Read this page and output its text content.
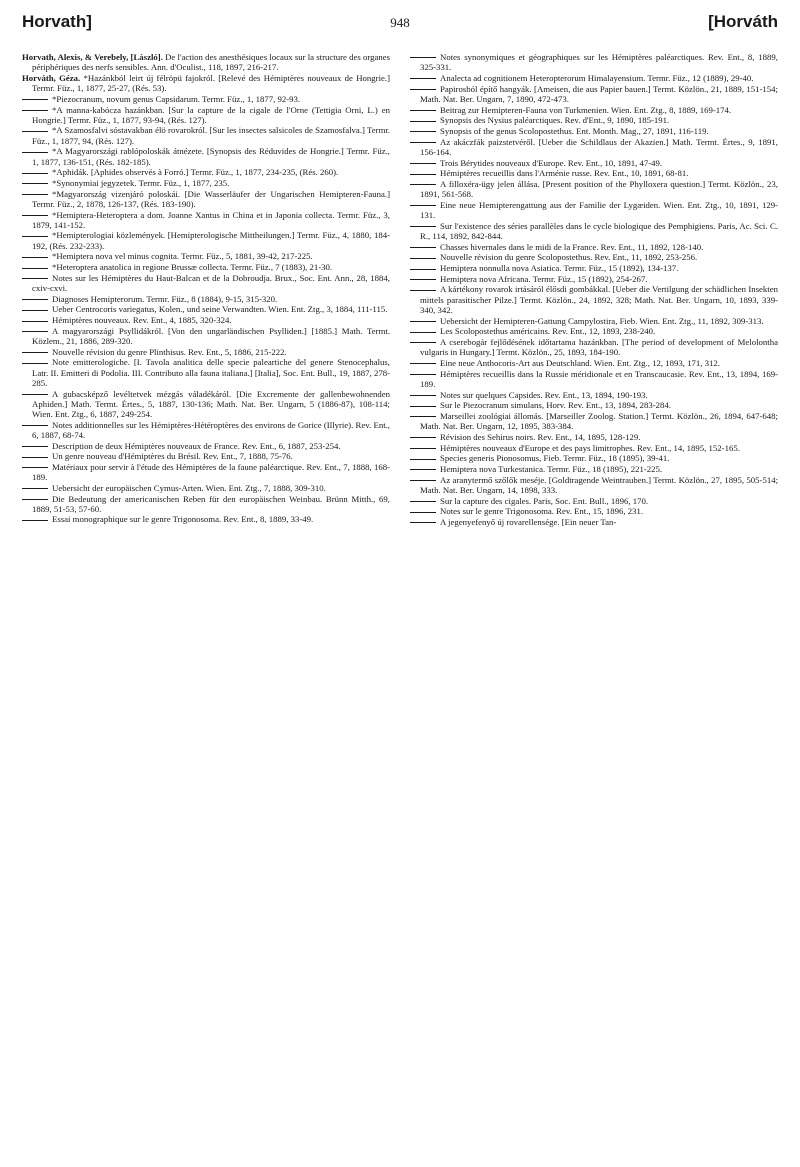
Horvath]	948	[Horváth

Horvath, Alexis, & Verebely, [László]. De l'action des anesthésiques locaux sur la structure des organes périphériques des nerfs sensibles. Ann. d'Oculist., 118, 1897, 216-217.

Horváth, Géza. *Hazánkból leirt új félröpü fajokról. [Relevé des Hémiptères nouveaux de Hongrie.] Termr. Füz., 1, 1877, 25-27, (Rés. 53).

*Piezocranum, novum genus Capsidarum. Termr. Füz., 1, 1877, 92-93.

*A manna-kabócza hazánkban. [Sur la capture de la cigale de l'Orne (Tettigia Orni, L.) en Hongrie.] Termr. Füz., 1, 1877, 93-94, (Rés. 127).

*A Szamosfalvi sóstavakban élö rovarokról. [Sur les insectes salsicoles de Szamosfalva.] Termr. Füz., 1, 1877, 94, (Rés. 127).

*A Magyarországi rablópoloskák átnézete. [Synopsis des Réduvides de Hongrie.] Termr. Füz., 1, 1877, 136-151, (Rés. 182-185).

*Aphidák. [Aphides observés à Forró.] Termr. Füz., 1, 1877, 234-235, (Rés. 260).

*Synonymiai jegyzetek. Termr. Füz., 1, 1877, 235.

*Magyarország vizenjáró poloskái. [Die Wasserläufer der Ungarischen Hemipteren-Fauna.] Termr. Füz., 2, 1878, 126-137, (Rés. 183-190).

*Hemiptera-Heteroptera a dom. Joanne Xantus in China et in Japonia collecta. Termr. Füz., 3, 1879, 141-152.

*Hemipterologiai közlemények. [Hemipterologische Mittheilungen.] Termr. Füz., 4, 1880, 184-192, (Rés. 232-233).

*Hemiptera nova vel minus cognita. Termr. Füz., 5, 1881, 39-42, 217-225.

*Heteroptera anatolica in regione Brussæ collecta. Termr. Füz., 7 (1883), 21-30.

Notes sur les Hémiptères du Haut-Balcan et de la Dobroudja. Brux., Soc. Ent. Ann., 28, 1884, cxiv-cxvi.

Diagnoses Hemipterorum. Termr. Füz., 8 (1884), 9-15, 315-320.

Ueber Centrocoris variegatus, Kolen., und seine Verwandten. Wien. Ent. Ztg., 3, 1884, 111-115.

Hémiptères nouveaux. Rev. Ent., 4, 1885, 320-324.

A magyarországi Psyllidákról. [Von den ungarländischen Psylliden.] [1885.] Math. Termt. Közlem., 21, 1886, 289-320.

Nouvelle révision du genre Plinthisus. Rev. Ent., 5, 1886, 215-222.

Note emitterologiche. [I. Tavola analitica delle specie paleartiche del genere Stenocephalus, Latr. II. Emitteri di Podolia. III. Contributo alla fauna italiana.] [Italia], Soc. Ent. Bull., 19, 1887, 278-285.

A gubacsképző levéltetvek mézgás váladékáról. [Die Excremente der gallenbewohnenden Aphiden.] Math. Termt. Értes., 5, 1887, 130-136; Math. Nat. Ber. Ungarn, 5 (1886-87), 108-114; Wien. Ent. Ztg., 6, 1887, 249-254.

Notes additionnelles sur les Hémiptères-Hétéroptères des environs de Gorice (Illyrie). Rev. Ent., 6, 1887, 68-74.

Description de deux Hémiptères nouveaux de France. Rev. Ent., 6, 1887, 253-254.

Un genre nouveau d'Hémiptères du Brésil. Rev. Ent., 7, 1888, 75-76.

Matériaux pour servir à l'étude des Hémiptères de la faune paléarctique. Rev. Ent., 7, 1888, 168-189.

Uebersicht der europäischen Cymus-Arten. Wien. Ent. Ztg., 7, 1888, 309-310.

Die Bedeutung der americanischen Reben für den europäischen Weinbau. Brünn Mitth., 69, 1889, 51-53, 57-60.

Essai monographique sur le genre Trigonosoma. Rev. Ent., 8, 1889, 33-49.

Notes synonymiques et géographiques sur les Hémiptères paléarctiques. Rev. Ent., 8, 1889, 325-331.

Analecta ad cognitionem Heteropterorum Himalayensium. Termr. Füz., 12 (1889), 29-40.

Papirosból építő hangyák. [Ameisen, die aus Papier bauen.] Termt. Közlön., 21, 1889, 151-154; Math. Nat. Ber. Ungarn, 7, 1890, 472-473.

Beitrag zur Hemipteren-Fauna von Turkmenien. Wien. Ent. Ztg., 8, 1889, 169-174.

Synopsis des Nysius paléarctiques. Rev. d'Ent., 9, 1890, 185-191.

Synopsis of the genus Scolopostethus. Ent. Month. Mag., 27, 1891, 116-119.

Az akáczfák paizstetvéről. [Ueber die Schildlaus der Akazien.] Math. Termt. Értes., 9, 1891, 156-164.

Trois Bérytides nouveaux d'Europe. Rev. Ent., 10, 1891, 47-49.

Hémiptères recueillis dans l'Arménie russe. Rev. Ent., 10, 1891, 68-81.

A filloxéra-ügy jelen állása. [Present position of the Phylloxera question.] Termt. Közlön., 23, 1891, 561-568.

Eine neue Hemipterengattung aus der Familie der Lygæiden. Wien. Ent. Ztg., 10, 1891, 129-131.

Sur l'existence des séries parallèles dans le cycle biologique des Pemphigiens. Paris, Ac. Sci. C. R., 114, 1892, 842-844.

Chasses hivernales dans le midi de la France. Rev. Ent., 11, 1892, 128-140.

Nouvelle révision du genre Scolopostethus. Rev. Ent., 11, 1892, 253-256.

Hemiptera nonnulla nova Asiatica. Termr. Füz., 15 (1892), 134-137.

Hemiptera nova Africana. Termr. Füz., 15 (1892), 254-267.

A kártékony rovarok irtásáról élősdi gombákkal. [Ueber die Vertilgung der schädlichen Insekten mittels parasitischer Pilze.] Termt. Közlön., 24, 1892, 328; Math. Nat. Ber. Ungarn, 10, 1893, 339-340, 342.

Uebersicht der Hemipteren-Gattung Campylostira, Fieb. Wien. Ent. Ztg., 11, 1892, 309-313.

Les Scolopostethus américains. Rev. Ent., 12, 1893, 238-240.

A cserebogár fejlődésének időtartama hazánkban. [The period of development of Melolontha vulgaris in Hungary.] Termt. Közlön., 25, 1893, 184-190.

Eine neue Anthocoris-Art aus Deutschland. Wien. Ent. Ztg., 12, 1893, 171, 312.

Hémiptères recueillis dans la Russie méridionale et en Transcaucasie. Rev. Ent., 13, 1894, 169-189.

Notes sur quelques Capsides. Rev. Ent., 13, 1894, 190-193.

Sur le Piezocranum simulans, Horv. Rev. Ent., 13, 1894, 283-284.

Marseillei zoológiai állomás. [Marseiller Zoolog. Station.] Termt. Közlön., 26, 1894, 647-648; Math. Nat. Ber. Ungarn, 12, 1895, 383-384.

Révision des Sehirus noirs. Rev. Ent., 14, 1895, 128-129.

Hémiptères nouveaux d'Europe et des pays limitrophes. Rev. Ent., 14, 1895, 152-165.

Species generis Pionosomus, Fieb. Termr. Füz., 18 (1895), 39-41.

Hemiptera nova Turkestanica. Termr. Füz., 18 (1895), 221-225.

Az aranytermő szőlők meséje. [Goldtragende Weintrauben.] Termt. Közlön., 27, 1895, 505-514; Math. Nat. Ber. Ungarn, 14, 1898, 333.

Sur la capture des cigales. Paris, Soc. Ent. Bull., 1896, 170.

Notes sur le genre Trigonosoma. Rev. Ent., 15, 1896, 231.

A jegenyefenyő új rovarellensége. [Ein neuer Tan-
